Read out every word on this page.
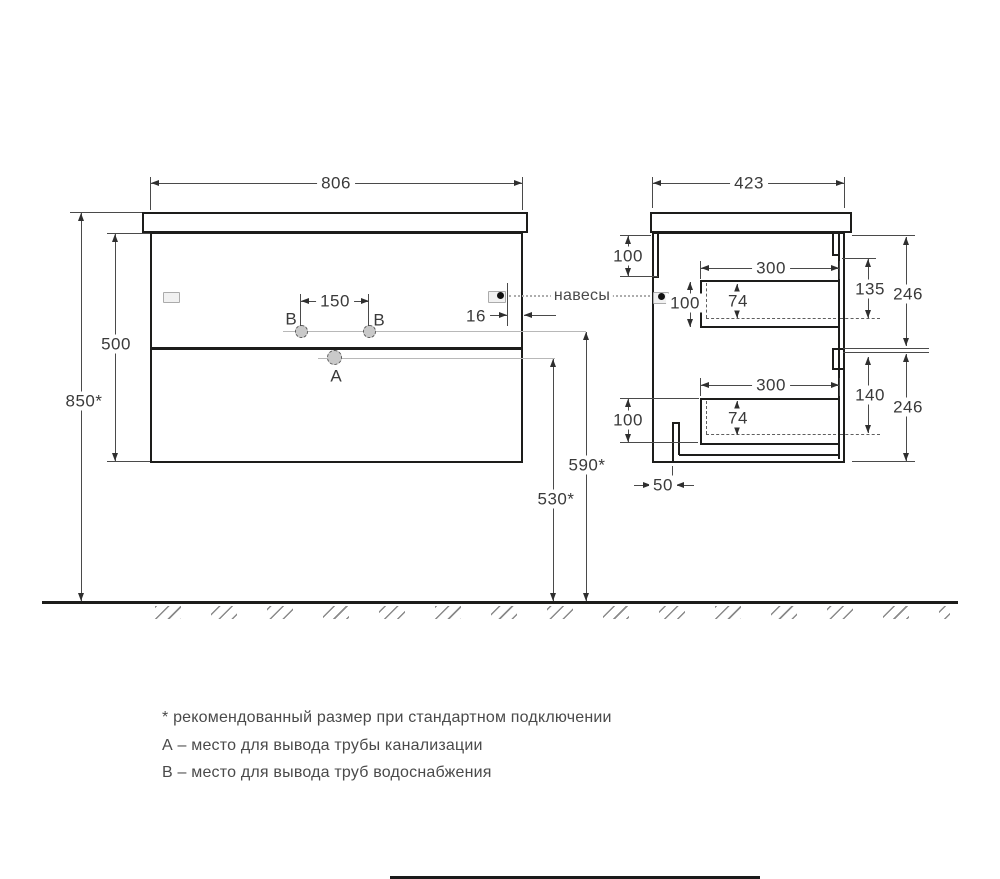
B	B
A
806
850*
500
150
16
590*
530*
навесы
423
100
100
300
74
135 246
140
246
300
74
100
50
* рекомендованный размер при стандартном подключении
А – место для вывода трубы канализации
В – место для вывода труб водоснабжения
